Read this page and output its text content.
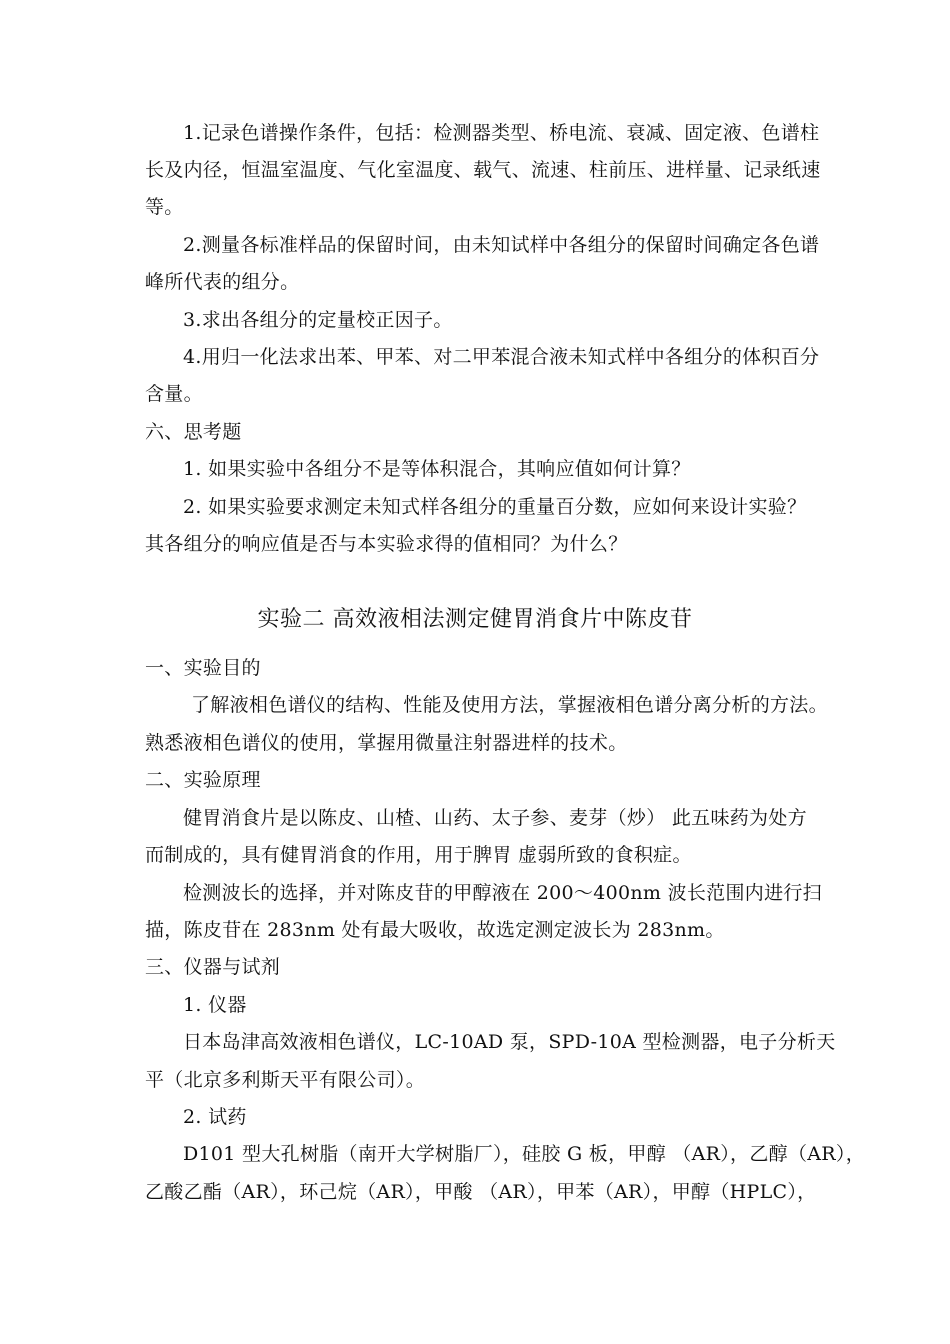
1.记录色谱操作条件，包括：检测器类型、桥电流、衰减、固定液、色谱柱
长及内径，恒温室温度、气化室温度、载气、流速、柱前压、进样量、记录纸速
等。
2.测量各标准样品的保留时间，由未知试样中各组分的保留时间确定各色谱
峰所代表的组分。
3.求出各组分的定量校正因子。
4.用归一化法求出苯、甲苯、对二甲苯混合液未知式样中各组分的体积百分
含量。
六、思考题
1. 如果实验中各组分不是等体积混合，其响应值如何计算？
2. 如果实验要求测定未知式样各组分的重量百分数，应如何来设计实验？
其各组分的响应值是否与本实验求得的值相同？为什么？
实验二 高效液相法测定健胃消食片中陈皮苷
一、实验目的
了解液相色谱仪的结构、性能及使用方法，掌握液相色谱分离分析的方法。
熟悉液相色谱仪的使用，掌握用微量注射器进样的技术。
二、实验原理
健胃消食片是以陈皮、山楂、山药、太子参、麦芽（炒） 此五味药为处方
而制成的，具有健胃消食的作用，用于脾胃 虚弱所致的食积症。
检测波长的选择，并对陈皮苷的甲醇液在 200～400nm 波长范围内进行扫
描，陈皮苷在 283nm 处有最大吸收，故选定测定波长为 283nm。
三、仪器与试剂
1. 仪器
日本岛津高效液相色谱仪，LC-10AD 泵，SPD-10A 型检测器，电子分析天
平（北京多利斯天平有限公司）。
2. 试药
D101 型大孔树脂（南开大学树脂厂），硅胶 G 板，甲醇 （AR），乙醇（AR），
乙酸乙酯（AR），环己烷（AR），甲酸 （AR），甲苯（AR），甲醇（HPLC），
